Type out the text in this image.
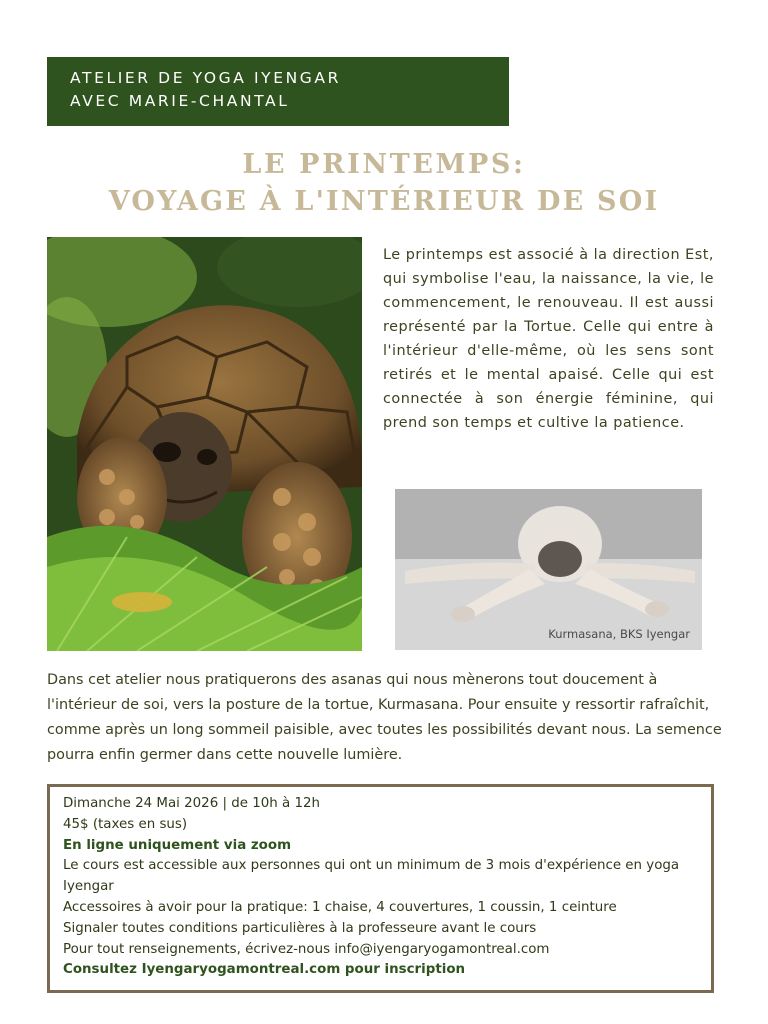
ATELIER DE YOGA IYENGAR
AVEC MARIE-CHANTAL
LE PRINTEMPS:
VOYAGE À L'INTÉRIEUR DE SOI

Le printemps est associé à la direction Est, qui symbolise l'eau, la naissance, la vie, le commencement, le renouveau. Il est aussi représenté par la Tortue. Celle qui entre à l'intérieur d'elle-même, où les sens sont retirés et le mental apaisé. Celle qui est connectée à son énergie féminine, qui prend son temps et cultive la patience.

Kurmasana, BKS Iyengar

Dans cet atelier nous pratiquerons des asanas qui nous mènerons tout doucement à l'intérieur de soi, vers la posture de la tortue, Kurmasana. Pour ensuite y ressortir rafraîchit, comme après un long sommeil paisible, avec toutes les possibilités devant nous. La semence pourra enfin germer dans cette nouvelle lumière.

Dimanche 24 Mai 2026 | de 10h à 12h
45$ (taxes en sus)
En ligne uniquement via zoom
Le cours est accessible aux personnes qui ont un minimum de 3 mois d'expérience en yoga Iyengar
Accessoires à avoir pour la pratique: 1 chaise, 4 couvertures, 1 coussin, 1 ceinture
Signaler toutes conditions particulières à la professeure avant le cours
Pour tout renseignements, écrivez-nous info@iyengaryogamontreal.com
Consultez Iyengaryogamontreal.com pour inscription
